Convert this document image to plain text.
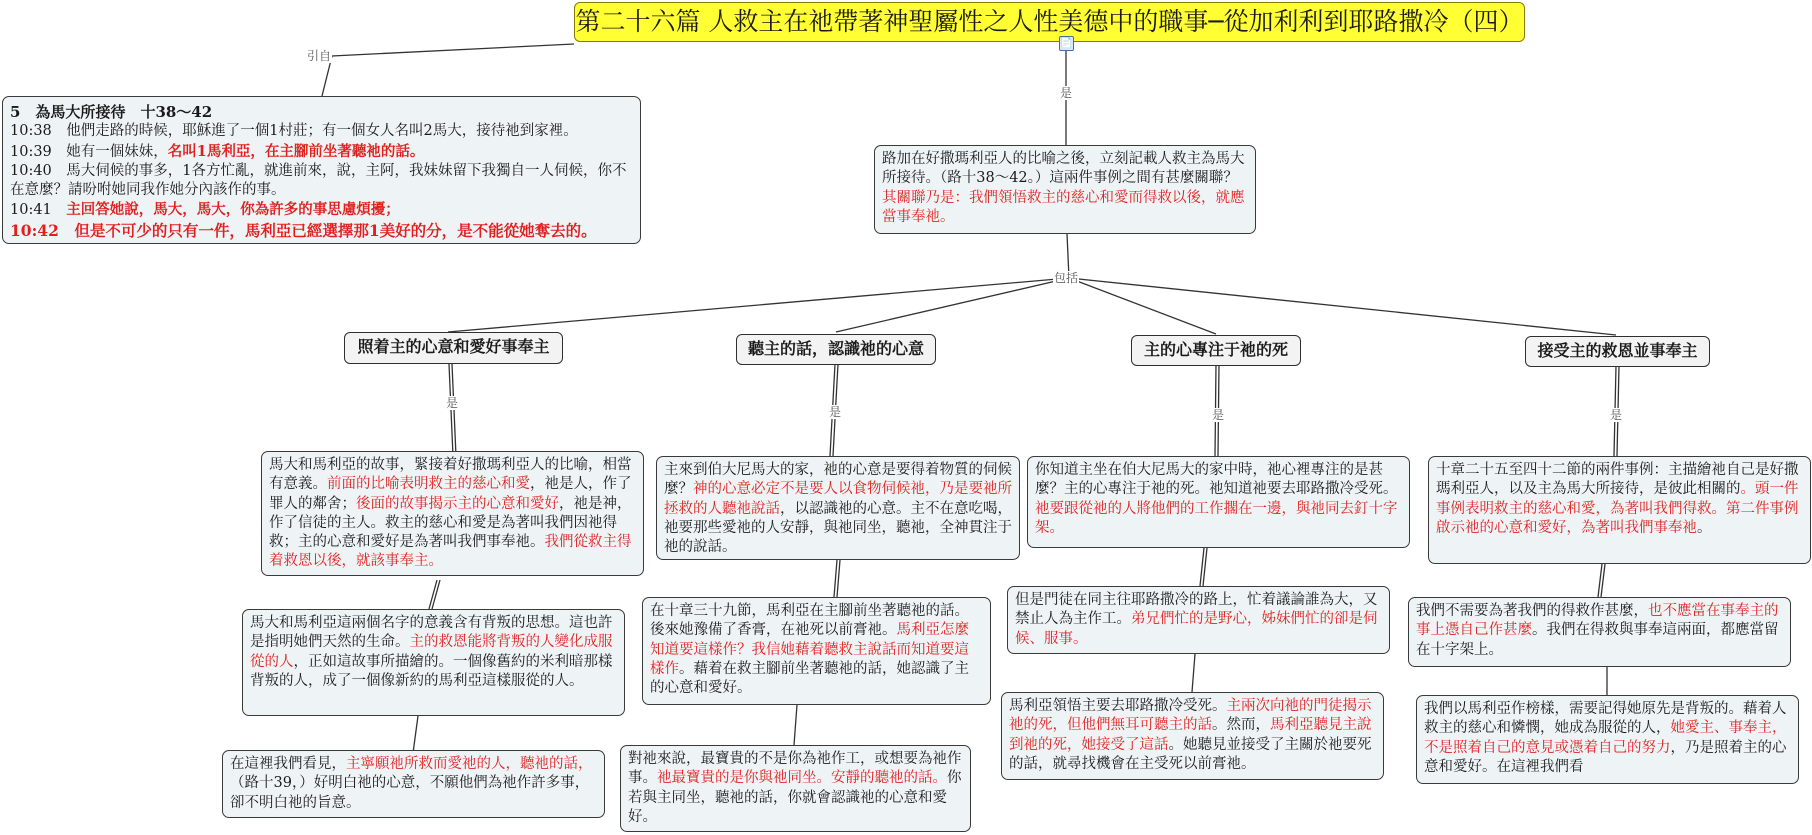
第二十六篇 人救主在祂帶著神聖屬性之人性美德中的職事─從加利利到耶路撒冷（四）
📄
引自
是
包括
是
是	是	是
5　為馬大所接待　十38～42
10:38　他們走路的時候，耶穌進了一個1村莊；有一個女人名叫2馬大，接待祂到家裡。
10:39　她有一個妹妹，名叫1馬利亞，在主腳前坐著聽祂的話。
10:40　馬大伺候的事多，1各方忙亂，就進前來，說，主阿，我妹妹留下我獨自一人伺候，你不在意麼？請吩咐她同我作她分內該作的事。
10:41　主回答她說，馬大，馬大，你為許多的事思慮煩擾；
10:42　但是不可少的只有一件，馬利亞已經選擇那1美好的分，是不能從她奪去的。
路加在好撒瑪利亞人的比喻之後，立刻記載人救主為馬大所接待。（路十38～42。）這兩件事例之間有甚麼關聯？其關聯乃是：我們領悟救主的慈心和愛而得救以後，就應當事奉祂。
照着主的心意和愛好事奉主	聽主的話，認識祂的心意	主的心專注于祂的死	接受主的救恩並事奉主
馬大和馬利亞的故事，緊接着好撒瑪利亞人的比喻，相當有意義。前面的比喻表明救主的慈心和愛，祂是人，作了罪人的鄰舍；後面的故事揭示主的心意和愛好，祂是神，作了信徒的主人。救主的慈心和愛是為著叫我們因祂得救；主的心意和愛好是為著叫我們事奉祂。我們從救主得着救恩以後，就該事奉主。
馬大和馬利亞這兩個名字的意義含有背叛的思想。這也許是指明她們天然的生命。主的救恩能將背叛的人變化成服從的人，正如這故事所描繪的。一個像舊約的米利暗那樣背叛的人，成了一個像新約的馬利亞這樣服從的人。
在這裡我們看見，主寧願祂所救而愛祂的人，聽祂的話，（路十39，）好明白祂的心意，不願他們為祂作許多事，卻不明白祂的旨意。
主來到伯大尼馬大的家，祂的心意是要得着物質的伺候麼？神的心意必定不是要人以食物伺候祂，乃是要祂所拯救的人聽祂說話，以認識祂的心意。主不在意吃喝，祂要那些愛祂的人安靜，與祂同坐，聽祂，全神貫注于祂的說話。
在十章三十九節，馬利亞在主腳前坐著聽祂的話。後來她豫備了香膏，在祂死以前膏祂。馬利亞怎麼知道要這樣作？我信她藉着聽救主說話而知道要這樣作。藉着在救主腳前坐著聽祂的話，她認識了主的心意和愛好。
對祂來說，最寶貴的不是你為祂作工，或想要為祂作事。祂最寶貴的是你與祂同坐。安靜的聽祂的話。你若與主同坐，聽祂的話，你就會認識祂的心意和愛好。
你知道主坐在伯大尼馬大的家中時，祂心裡專注的是甚麼？主的心專注于祂的死。祂知道祂要去耶路撒冷受死。祂要跟從祂的人將他們的工作擱在一邊，與祂同去釘十字架。
但是門徒在同主往耶路撒冷的路上，忙着議論誰為大，又禁止人為主作工。弟兄們忙的是野心，姊妹們忙的卻是伺候、服事。
馬利亞領悟主要去耶路撒冷受死。主兩次向祂的門徒揭示祂的死，但他們無耳可聽主的話。然而，馬利亞聽見主說到祂的死，她接受了這話。她聽見並接受了主關於祂要死的話，就尋找機會在主受死以前膏祂。
十章二十五至四十二節的兩件事例：主描繪祂自己是好撒瑪利亞人，以及主為馬大所接待，是彼此相關的。頭一件事例表明救主的慈心和愛，為著叫我們得救。第二件事例啟示祂的心意和愛好，為著叫我們事奉祂。
我們不需要為著我們的得救作甚麼，也不應當在事奉主的事上憑自己作甚麼。我們在得救與事奉這兩面，都應當留在十字架上。
我們以馬利亞作榜樣，需要記得她原先是背叛的。藉着人救主的慈心和憐憫，她成為服從的人，她愛主、事奉主，不是照着自己的意見或憑着自己的努力，乃是照着主的心意和愛好。在這裡我們看
